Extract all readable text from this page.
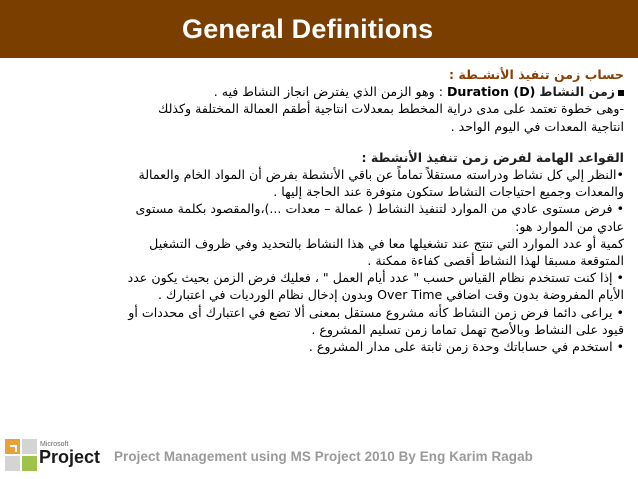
General Definitions

حساب زمن تنفيذ الأنشـطة :

زمن النشاط Duration (D) : وهو الزمن الذي يفترض انجاز النشاط فيه .

-وهى خطوة تعتمد على مدى دراية المخطط بمعدلات انتاجية أطقم العمالة المختلفة وكذلك

انتاجية المعدات في اليوم الواحد .

القواعد الهامة لفرض زمن تنفيذ الأنشطة :

•النظر إلي كل نشاط ودراسته مستقلاً تماماً عن باقي الأنشطة بفرض أن المواد الخام والعمالة

والمعدات وجميع احتياجات النشاط ستكون متوفرة عند الحاجة إليها .

• فرض مستوى عادي من الموارد لتنفيذ النشاط ( عمالة – معدات ...)،والمقصود بكلمة مستوى

عادي من الموارد هو:

كمية أو عدد الموارد التي تنتج عند تشغيلها معا في هذا النشاط بالتحديد وفي ظروف التشغيل

المتوقعة مسبقا لهذا النشاط أقصى كفاءة ممكنة .

• إذا كنت تستخدم نظام القياس حسب " عدد أيام العمل " ، فعليك فرض الزمن بحيث يكون عدد

الأيام المفروضة بدون وقت اضافي Over Time وبدون إدخال نظام الورديات في اعتبارك .

• يراعى دائما فرض زمن النشاط كأنه مشروع مستقل بمعنى ألا تضع في اعتبارك أى محددات أو

قيود على النشاط وبالأصح تهمل تماما زمن تسليم المشروع .

• استخدم في حساباتك وحدة زمن ثابتة على مدار المشروع .

Microsoft
Project Project Management using MS Project 2010 By Eng Karim Ragab
